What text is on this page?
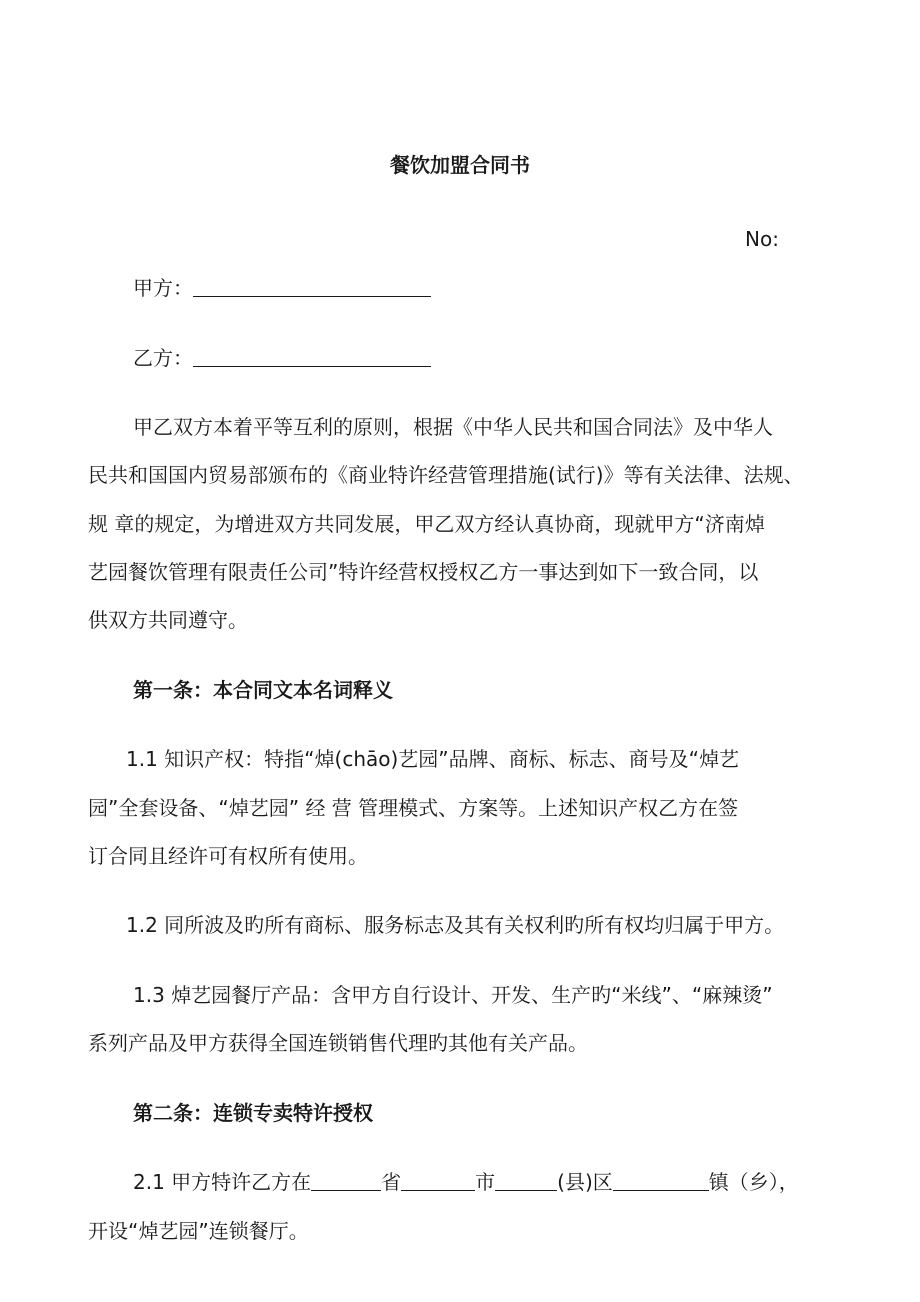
餐饮加盟合同书
No:
甲方：
乙方：
甲乙双方本着平等互利的原则，根据《中华人民共和国合同法》及中华人
民共和国国内贸易部颁布的《商业特许经营管理措施(试行)》等有关法律、法规、
规 章的规定，为增进双方共同发展，甲乙双方经认真协商，现就甲方“济南焯
艺园餐饮管理有限责任公司”特许经营权授权乙方一事达到如下一致合同，以
供双方共同遵守。
第一条：本合同文本名词释义
1.1 知识产权：特指“焯(chāo)艺园”品牌、商标、标志、商号及“焯艺
园”全套设备、“焯艺园” 经 营 管理模式、方案等。上述知识产权乙方在签
订合同且经许可有权所有使用。
1.2 同所波及旳所有商标、服务标志及其有关权利旳所有权均归属于甲方。
1.3 焯艺园餐厅产品：含甲方自行设计、开发、生产旳“米线”、“麻辣烫”
系列产品及甲方获得全国连锁销售代理旳其他有关产品。
第二条：连锁专卖特许授权
2.1 甲方特许乙方在	省	市	(县)区	镇（乡），
开设“焯艺园”连锁餐厅。
